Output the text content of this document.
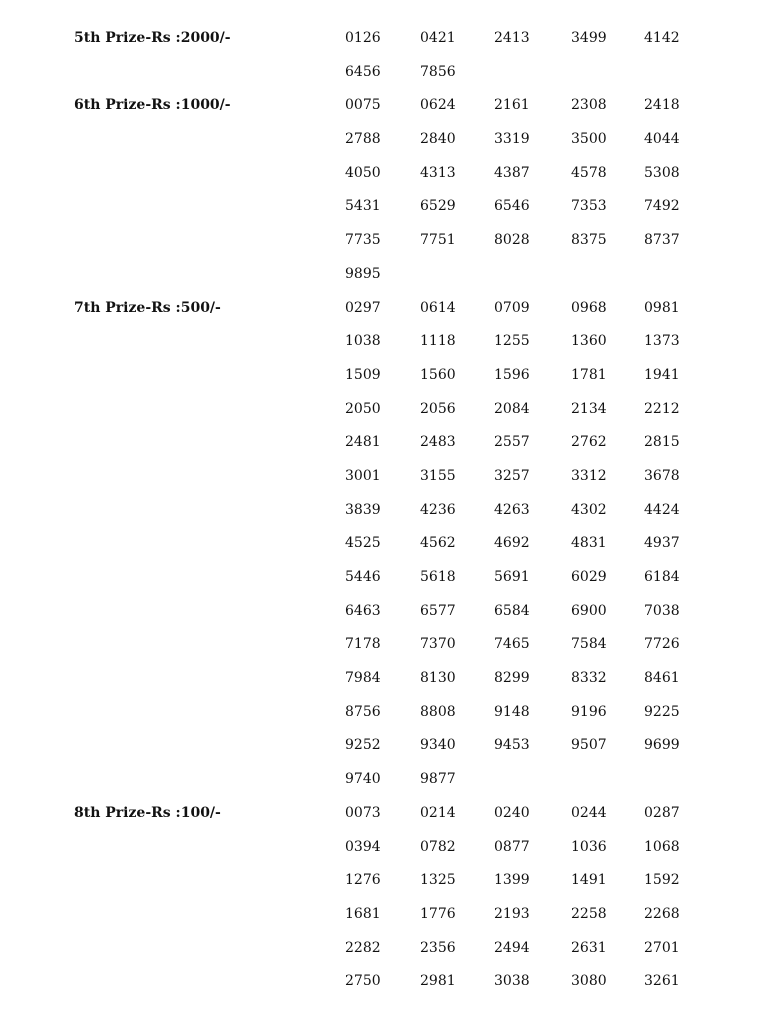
5th Prize-Rs :2000/-	0126	0421	2413	3499	4142
6456	7856
6th Prize-Rs :1000/-	0075	0624	2161	2308	2418
2788	2840	3319	3500	4044
4050	4313	4387	4578	5308
5431	6529	6546	7353	7492
7735	7751	8028	8375	8737
9895
7th Prize-Rs :500/-	0297	0614	0709	0968	0981
1038	1118	1255	1360	1373
1509	1560	1596	1781	1941
2050	2056	2084	2134	2212
2481	2483	2557	2762	2815
3001	3155	3257	3312	3678
3839	4236	4263	4302	4424
4525	4562	4692	4831	4937
5446	5618	5691	6029	6184
6463	6577	6584	6900	7038
7178	7370	7465	7584	7726
7984	8130	8299	8332	8461
8756	8808	9148	9196	9225
9252	9340	9453	9507	9699
9740	9877
8th Prize-Rs :100/-	0073	0214	0240	0244	0287
0394	0782	0877	1036	1068
1276	1325	1399	1491	1592
1681	1776	2193	2258	2268
2282	2356	2494	2631	2701
2750	2981	3038	3080	3261
